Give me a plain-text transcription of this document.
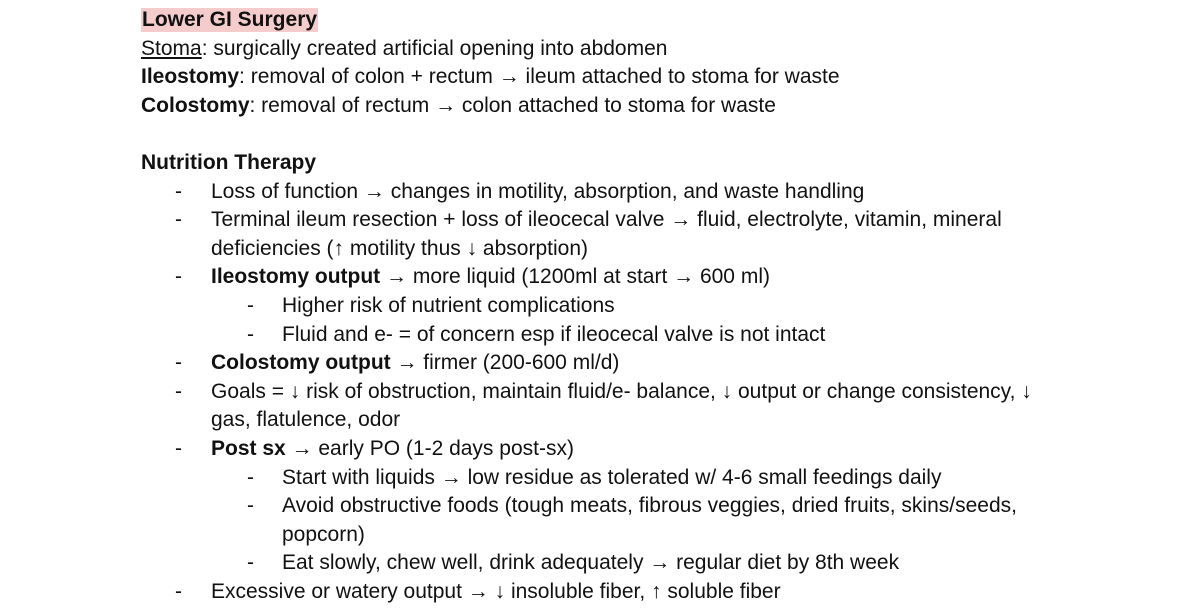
Lower GI Surgery
Stoma: surgically created artificial opening into abdomen
Ileostomy: removal of colon + rectum → ileum attached to stoma for waste
Colostomy: removal of rectum → colon attached to stoma for waste
Nutrition Therapy
- Loss of function → changes in motility, absorption, and waste handling
- Terminal ileum resection + loss of ileocecal valve → fluid, electrolyte, vitamin, mineral
deficiencies (↑ motility thus ↓ absorption)
- Ileostomy output → more liquid (1200ml at start → 600 ml)
- Higher risk of nutrient complications
- Fluid and e- = of concern esp if ileocecal valve is not intact
- Colostomy output → firmer (200-600 ml/d)
- Goals = ↓ risk of obstruction, maintain fluid/e- balance, ↓ output or change consistency, ↓
gas, flatulence, odor
- Post sx → early PO (1-2 days post-sx)
- Start with liquids → low residue as tolerated w/ 4-6 small feedings daily
- Avoid obstructive foods (tough meats, fibrous veggies, dried fruits, skins/seeds,
popcorn)
- Eat slowly, chew well, drink adequately → regular diet by 8th week
- Excessive or watery output → ↓ insoluble fiber, ↑ soluble fiber
